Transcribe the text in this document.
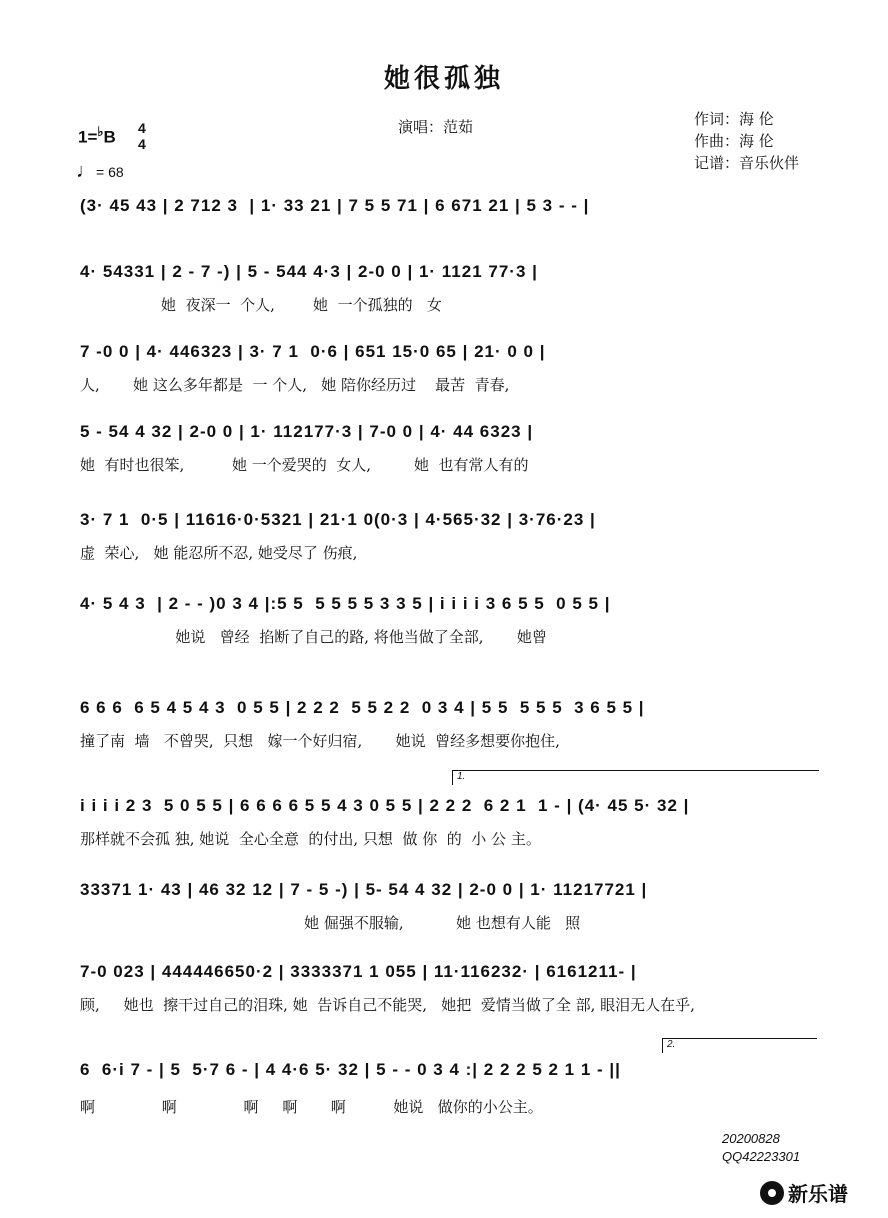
她很孤独
1=♭B 4
4
♩= 68
演唱：范茹	作词：海 伦
作曲：海 伦
记谱：音乐伙伴
(3· 45 43 | 2 712 3  | 1· 33 21 | 7 5 5 71 | 6 671 21 | 5 3 - - |
4· 54331 | 2 - 7 -) | 5 - 544 4·3 | 2-0 0 | 1· 1121 77·3 |
她  夜深一  个人,        她  一个孤独的   女
7 -0 0 | 4· 446323 | 3· 7 1  0·6 | 651 15·0 65 | 21· 0 0 |
人,       她 这么多年都是  一 个人,   她 陪你经历过    最苦  青春,
5 - 54 4 32 | 2-0 0 | 1· 112177·3 | 7-0 0 | 4· 44 6323 |
她  有时也很笨,          她 一个爱哭的  女人,         她  也有常人有的
3· 7 1  0·5 | 11616·0·5321 | 21·1 0(0·3 | 4·565·32 | 3·76·23 |
虚  荣心,   她 能忍所不忍, 她受尽了 伤痕,
4· 5 4 3  | 2 - - )0 3 4 |:5 5  5 5 5 5 3 3 5 | i i i i 3 6 5 5  0 5 5 |
她说   曾经  掐断了自己的路, 将他当做了全部,       她曾
6 6 6  6 5 4 5 4 3  0 5 5 | 2 2 2  5 5 2 2  0 3 4 | 5 5  5 5 5  3 6 5 5 |
撞了南  墙   不曾哭,  只想   嫁一个好归宿,       她说  曾经多想要你抱住,
1.
i i i i 2 3  5 0 5 5 | 6 6 6 6 5 5 4 3 0 5 5 | 2 2 2  6 2 1  1 - | (4· 45 5· 32 |
那样就不会孤 独, 她说  全心全意  的付出, 只想  做 你  的  小 公 主。
33371 1· 43 | 46 32 12 | 7 - 5 -) | 5- 54 4 32 | 2-0 0 | 1· 11217721 |
她 倔强不服输,           她 也想有人能   照
7-0 023 | 444446650·2 | 3333371 1 055 | 11·116232· | 6161211- |
顾,     她也  擦干过自己的泪珠, 她  告诉自己不能哭,   她把  爱情当做了全 部, 眼泪无人在乎,
2.
6  6·i 7 - | 5  5·7 6 - | 4 4·6 5· 32 | 5 - - 0 3 4 :| 2 2 2 5 2 1 1 - ||
啊              啊              啊     啊       啊          她说   做你的小公主。
20200828
QQ42223301
新乐谱
